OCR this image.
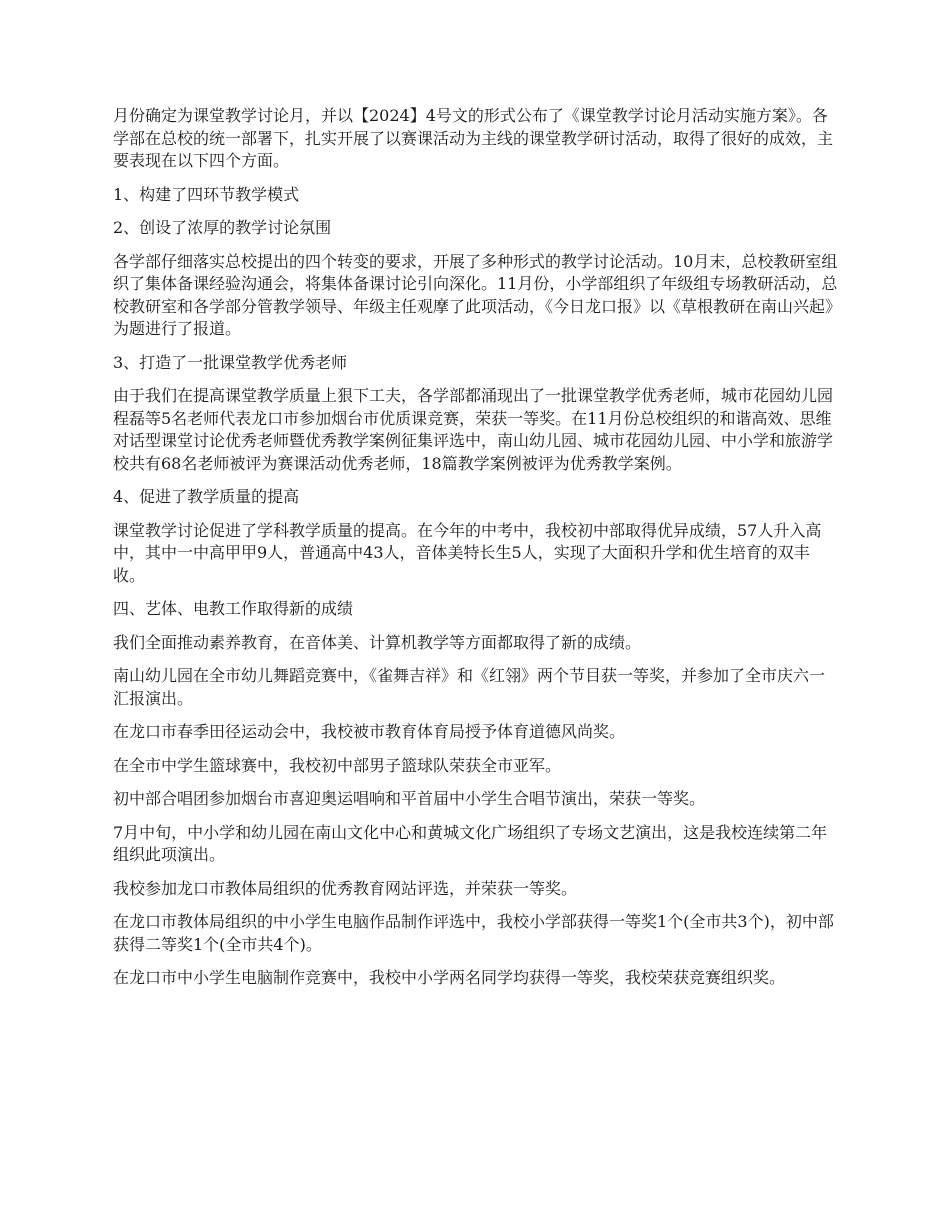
月份确定为课堂教学讨论月，并以【2024】4号文的形式公布了《课堂教学讨论月活动实施方案》。各学部在总校的统一部署下，扎实开展了以赛课活动为主线的课堂教学研讨活动，取得了很好的成效，主要表现在以下四个方面。

1、构建了四环节教学模式

2、创设了浓厚的教学讨论氛围

各学部仔细落实总校提出的四个转变的要求，开展了多种形式的教学讨论活动。10月末，总校教研室组织了集体备课经验沟通会，将集体备课讨论引向深化。11月份，小学部组织了年级组专场教研活动，总校教研室和各学部分管教学领导、年级主任观摩了此项活动，《今日龙口报》以《草根教研在南山兴起》为题进行了报道。

3、打造了一批课堂教学优秀老师

由于我们在提高课堂教学质量上狠下工夫，各学部都涌现出了一批课堂教学优秀老师，城市花园幼儿园程磊等5名老师代表龙口市参加烟台市优质课竞赛，荣获一等奖。在11月份总校组织的和谐高效、思维对话型课堂讨论优秀老师暨优秀教学案例征集评选中，南山幼儿园、城市花园幼儿园、中小学和旅游学校共有68名老师被评为赛课活动优秀老师，18篇教学案例被评为优秀教学案例。

4、促进了教学质量的提高

课堂教学讨论促进了学科教学质量的提高。在今年的中考中，我校初中部取得优异成绩，57人升入高中，其中一中高甲甲9人，普通高中43人，音体美特长生5人，实现了大面积升学和优生培育的双丰收。

四、艺体、电教工作取得新的成绩

我们全面推动素养教育，在音体美、计算机教学等方面都取得了新的成绩。

南山幼儿园在全市幼儿舞蹈竞赛中，《雀舞吉祥》和《红翎》两个节目获一等奖，并参加了全市庆六一汇报演出。

在龙口市春季田径运动会中，我校被市教育体育局授予体育道德风尚奖。

在全市中学生篮球赛中，我校初中部男子篮球队荣获全市亚军。

初中部合唱团参加烟台市喜迎奥运唱响和平首届中小学生合唱节演出，荣获一等奖。

7月中旬，中小学和幼儿园在南山文化中心和黄城文化广场组织了专场文艺演出，这是我校连续第二年组织此项演出。

我校参加龙口市教体局组织的优秀教育网站评选，并荣获一等奖。

在龙口市教体局组织的中小学生电脑作品制作评选中，我校小学部获得一等奖1个(全市共3个)，初中部获得二等奖1个(全市共4个)。

在龙口市中小学生电脑制作竞赛中，我校中小学两名同学均获得一等奖，我校荣获竞赛组织奖。
